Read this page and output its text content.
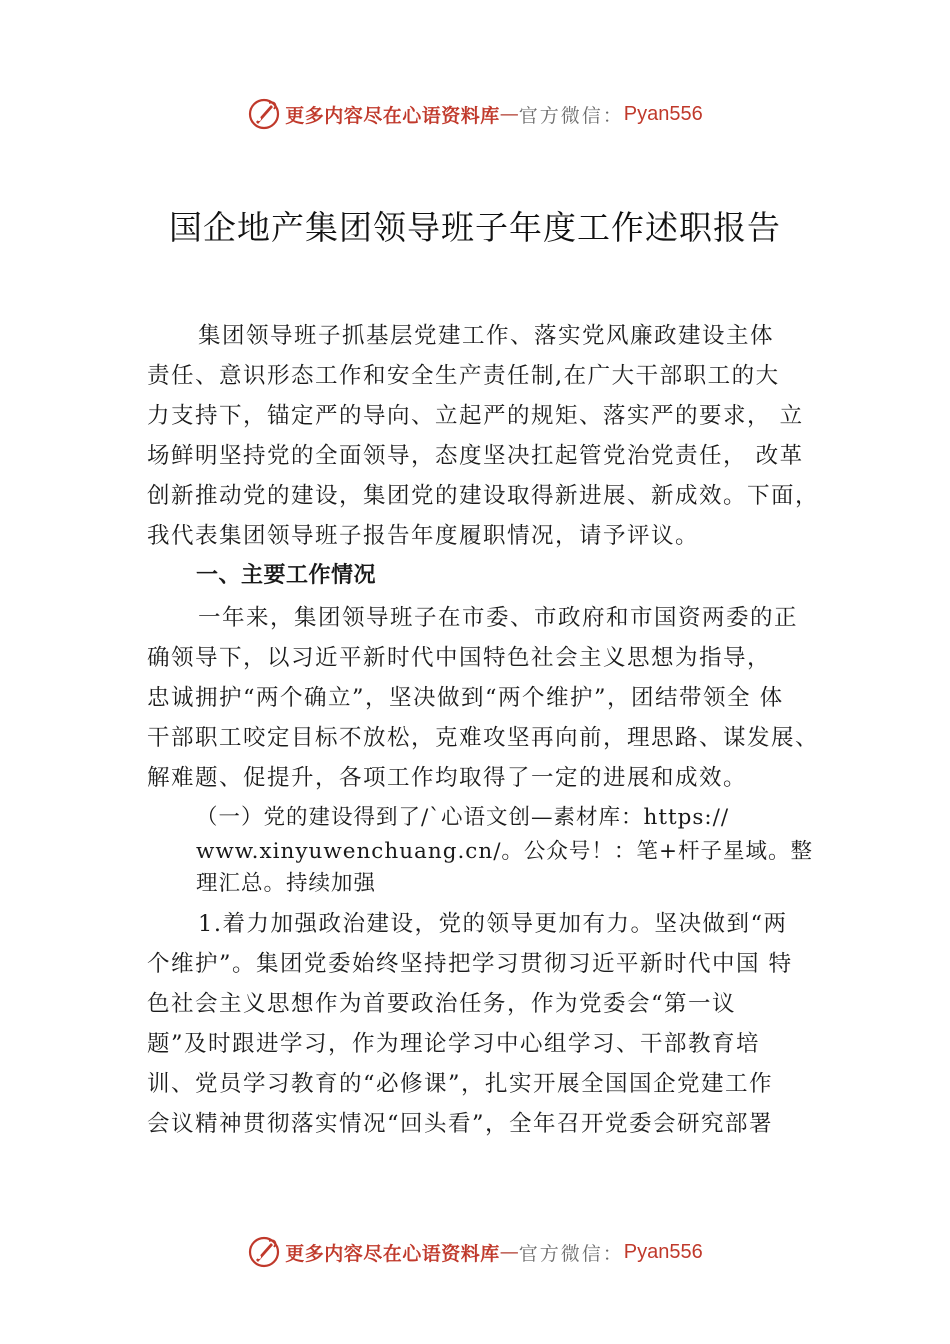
更多内容尽在心语资料库 — 官方微信： Pyan556
国企地产集团领导班子年度工作述职报告
集团领导班子抓基层党建工作、落实党风廉政建设主体
责任、意识形态工作和安全生产责任制,在广大干部职工的大
力支持下，锚定严的导向、立起严的规矩、落实严的要求， 立
场鲜明坚持党的全面领导，态度坚决扛起管党治党责任， 改革
创新推动党的建设，集团党的建设取得新进展、新成效。下面，
我代表集团领导班子报告年度履职情况，请予评议。
一、主要工作情况
一年来，集团领导班子在市委、市政府和市国资两委的正
确领导下，以习近平新时代中国特色社会主义思想为指导，
忠诚拥护“两个确立”，坚决做到“两个维护”，团结带领全 体
干部职工咬定目标不放松，克难攻坚再向前，理思路、谋发展、
解难题、促提升，各项工作均取得了一定的进展和成效。
（一）党的建设得到了/`心语文创—素材库：https://
www.xinyuwenchuang.cn/。公众号！：笔+杆子星域。整
理汇总。持续加强
1.着力加强政治建设，党的领导更加有力。坚决做到“两
个维护”。集团党委始终坚持把学习贯彻习近平新时代中国 特
色社会主义思想作为首要政治任务，作为党委会“第一议
题”及时跟进学习，作为理论学习中心组学习、干部教育培
训、党员学习教育的“必修课”，扎实开展全国国企党建工作
会议精神贯彻落实情况“回头看”，全年召开党委会研究部署
更多内容尽在心语资料库 — 官方微信： Pyan556
